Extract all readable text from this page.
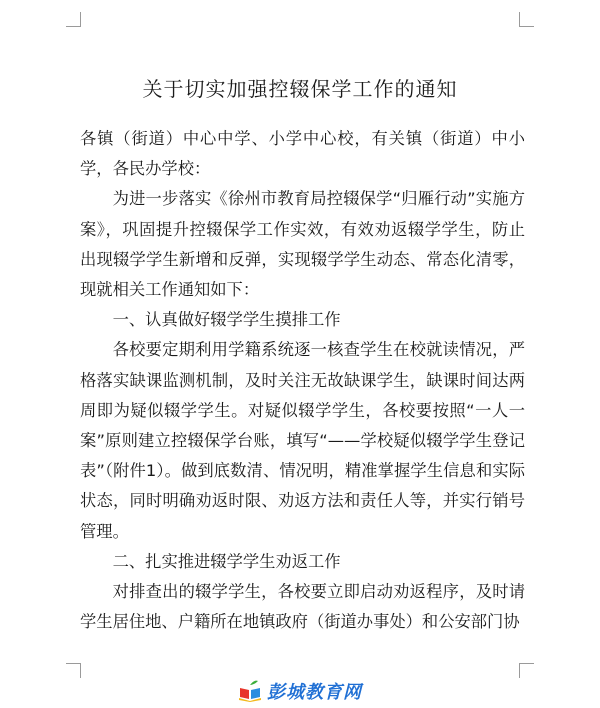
关于切实加强控辍保学工作的通知

各镇（街道）中心中学、小学中心校，有关镇（街道）中小学，各民办学校：

为进一步落实《徐州市教育局控辍保学“归雁行动”实施方案》，巩固提升控辍保学工作实效，有效劝返辍学学生，防止出现辍学学生新增和反弹，实现辍学学生动态、常态化清零，现就相关工作通知如下：

一、认真做好辍学学生摸排工作

各校要定期利用学籍系统逐一核查学生在校就读情况，严格落实缺课监测机制，及时关注无故缺课学生，缺课时间达两周即为疑似辍学学生。对疑似辍学学生，各校要按照“一人一案”原则建立控辍保学台账，填写“——学校疑似辍学学生登记表”（附件1）。做到底数清、情况明，精准掌握学生信息和实际状态，同时明确劝返时限、劝返方法和责任人等，并实行销号管理。

二、扎实推进辍学学生劝返工作

对排查出的辍学学生，各校要立即启动劝返程序，及时请学生居住地、户籍所在地镇政府（街道办事处）和公安部门协

彭城教育网
